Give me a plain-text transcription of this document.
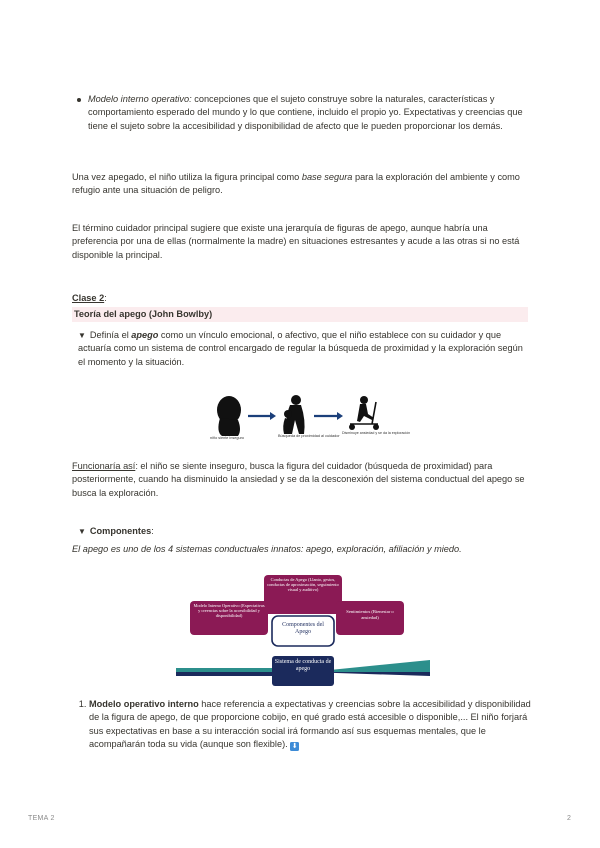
Modelo interno operativo: concepciones que el sujeto construye sobre la naturales, características y comportamiento esperado del mundo y lo que contiene, incluido el propio yo. Expectativas y creencias que tiene el sujeto sobre la accesibilidad y disponibilidad de afecto que le pueden proporcionar los demás.

Una vez apegado, el niño utiliza la figura principal como base segura para la exploración del ambiente y como refugio ante una situación de peligro.

El término cuidador principal sugiere que existe una jerarquía de figuras de apego, aunque habría una preferencia por una de ellas (normalmente la madre) en situaciones estresantes y acude a las otras si no está disponible la principal.

Clase 2:
Teoría del apego (John Bowlby)

▼ Definía el apego como un vínculo emocional, o afectivo, que el niño establece con su cuidador y que actuaría como un sistema de control encargado de regular la búsqueda de proximidad y la exploración según el momento y la situación.

niño siente inseguro	Búsqueda de proximidad al cuidador
Disminuye ansiedad y se da la exploración

Funcionaría así: el niño se siente inseguro, busca la figura del cuidador (búsqueda de proximidad) para posteriormente, cuando ha disminuido la ansiedad y se da la desconexión del sistema conductual del apego se busca la exploración.

▼ Componentes:

El apego es uno de los 4 sistemas conductuales innatos: apego, exploración, afiliación y miedo.

Conductas de Apego (Llanto, gestos, conductas de aproximación, seguimiento visual y auditivo)
Modelo Interno Operativo (Expectativas y creencias sobre la accesibilidad y disponibilidad)
Sentimientos (Bienestar o ansiedad)
Componentes del Apego
Sistema de conducta de apego
1. Modelo operativo interno hace referencia a expectativas y creencias sobre la accesibilidad y disponibilidad de la figura de apego, de que proporcione cobijo, en qué grado está accesible o disponible,... El niño forjará sus expectativas en base a su interacción social irá formando así sus esquemas mentales, que le acompañarán toda su vida (aunque son flexible). ⬇
TEMA 2	2
